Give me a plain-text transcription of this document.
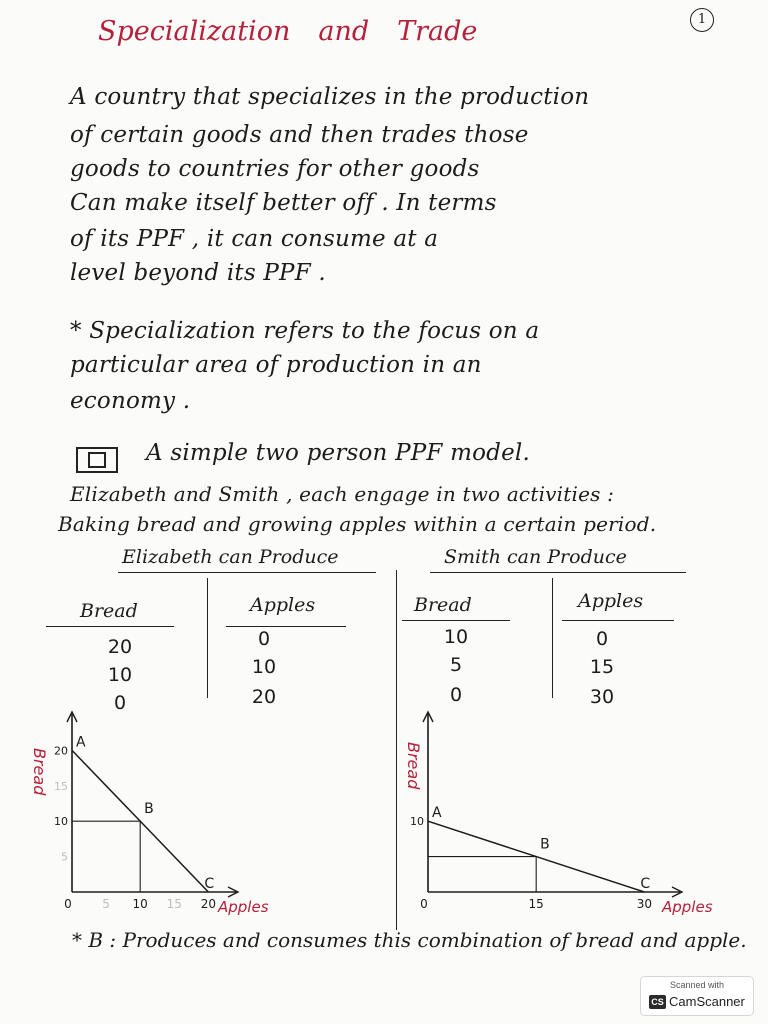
Specialization and Trade	1
A country that specializes in the production
of certain goods and then trades those
goods to countries for other goods
Can make itself better off . In terms
of its PPF , it can consume at a
level beyond its PPF .
* Specialization refers to the focus on a
particular area of production in an
economy .
A simple two person PPF model.
Elizabeth and Smith , each engage in two activities :
Baking bread and growing apples within a certain period.
Elizabeth can Produce
Bread	Apples
20	0
10	10
0	20
Smith can Produce
Bread	Apples
10	0
5	15
0	30
A
B
C
0	5 10 15 20
5
10
15
20
Apples
Bread
A
B
C
0	15	30
10
Apples
Bread
* B : Produces and consumes this combination of bread and apple.
Scanned with
CS CamScanner
